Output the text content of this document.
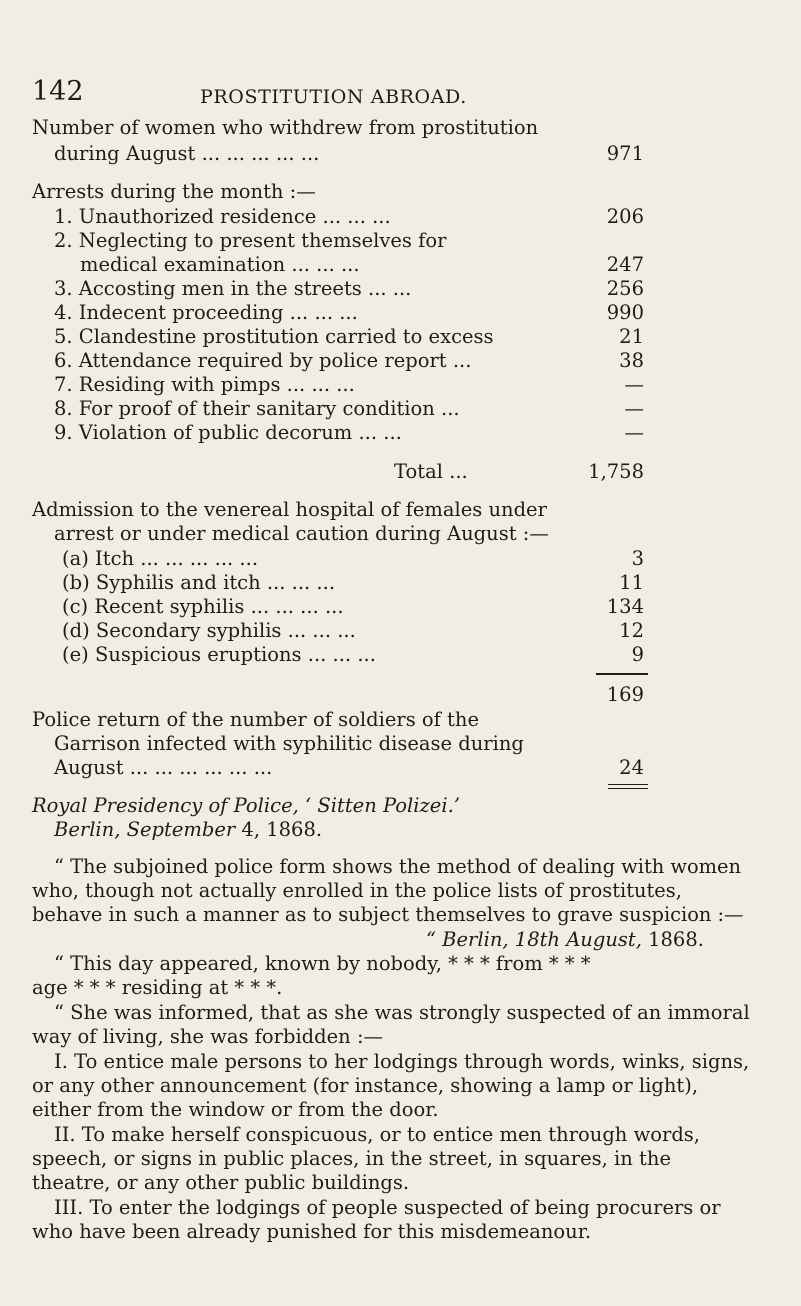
142	PROSTITUTION ABROAD.
Number of women who withdrew from prostitution
during August ... ... ... ... ...	971
Arrests during the month :—
1. Unauthorized residence ... ... ...	206
2. Neglecting to present themselves for
medical examination ... ... ...	247
3. Accosting men in the streets ... ...	256
4. Indecent proceeding ... ... ...	990
5. Clandestine prostitution carried to excess	21
6. Attendance required by police report ...	38
7. Residing with pimps ... ... ...	—
8. For proof of their sanitary condition ...	—
9. Violation of public decorum ... ...	—
Total ...	1,758
Admission to the venereal hospital of females under
arrest or under medical caution during August :—
(a) Itch ... ... ... ... ...	3
(b) Syphilis and itch ... ... ...	11
(c) Recent syphilis ... ... ... ...	134
(d) Secondary syphilis ... ... ...	12
(e) Suspicious eruptions ... ... ...	9
169
Police return of the number of soldiers of the
Garrison infected with syphilitic disease during
August ... ... ... ... ... ...	24
Royal Presidency of Police, ‘ Sitten Polizei.’
Berlin, September 4, 1868.
“ The subjoined police form shows the method of dealing with women who, though not actually enrolled in the police lists of prostitutes, behave in such a manner as to subject themselves to grave suspicion :—
“ Berlin, 18th August, 1868.
“ This day appeared, known by nobody, * * * from * * *
age * * * residing at * * *.
“ She was informed, that as she was strongly suspected of an immoral way of living, she was forbidden :—
I. To entice male persons to her lodgings through words, winks, signs, or any other announcement (for instance, showing a lamp or light), either from the window or from the door.
II. To make herself conspicuous, or to entice men through words, speech, or signs in public places, in the street, in squares, in the theatre, or any other public buildings.
III. To enter the lodgings of people suspected of being procurers or who have been already punished for this misdemeanour.
